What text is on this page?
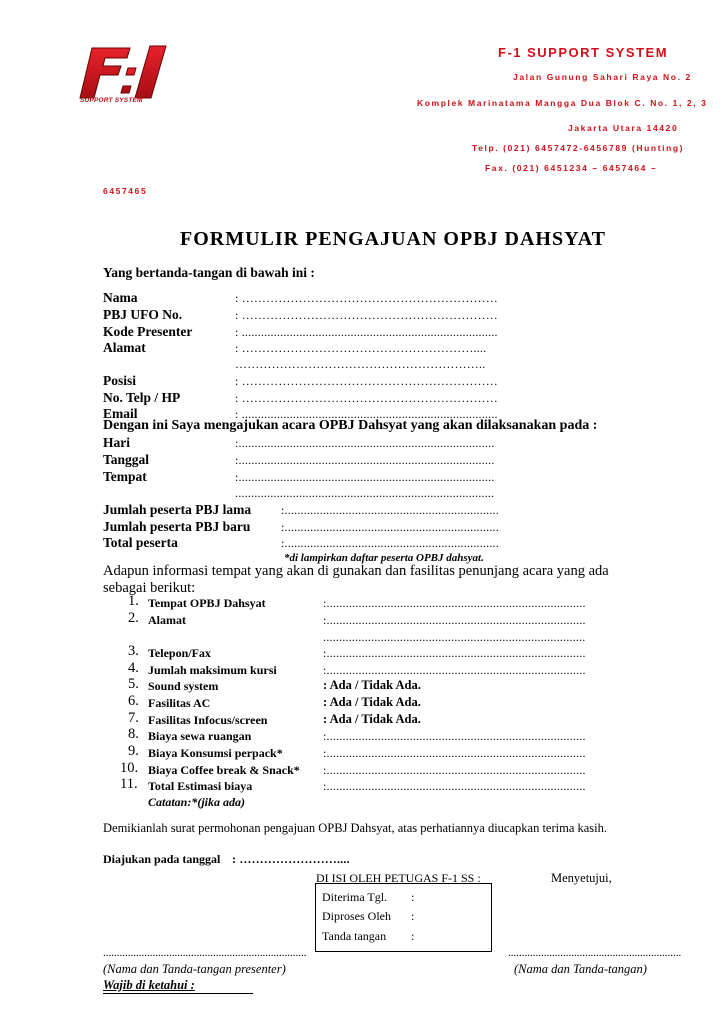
SUPPORT SYSTEM
F-1 SUPPORT SYSTEM
Jalan Gunung Sahari Raya No. 2
Komplek Marinatama Mangga Dua Blok C. No. 1, 2, 3
Jakarta Utara 14420
Telp. (021) 6457472-6456789 (Hunting)
Fax. (021) 6451234 – 6457464 –
6457465
FORMULIR PENGAJUAN OPBJ DAHSYAT
Yang bertanda-tangan di bawah ini :
Nama	: ………………………………………………………
PBJ UFO No.	: ………………………………………………………
Kode Presenter	: ................................................................................
Alamat	: …………………………………………………....
……………………………………………………..
Posisi	: ………………………………………………………
No. Telp / HP	: ………………………………………………………
Email	: ................................................................................
Dengan ini Saya mengajukan acara OPBJ Dahsyat yang akan dilaksanakan pada :
Hari	:................................................................................
Tanggal	:................................................................................
Tempat	:................................................................................
.................................................................................
Jumlah peserta PBJ lama :...................................................................
Jumlah peserta PBJ baru	:...................................................................
Total peserta	:...................................................................
*di lampirkan daftar peserta OPBJ dahsyat.
Adapun informasi tempat yang akan di gunakan dan fasilitas penunjang acara yang ada
sebagai berikut:
1. Tempat OPBJ Dahsyat	:.................................................................................
2. Alamat	:.................................................................................
..................................................................................
3. Telepon/Fax	:.................................................................................
4. Jumlah maksimum kursi	:.................................................................................
5. Sound system	: Ada / Tidak Ada.
6. Fasilitas AC	: Ada / Tidak Ada.
7. Fasilitas Infocus/screen	: Ada / Tidak Ada.
8. Biaya sewa ruangan	:.................................................................................
9. Biaya Konsumsi perpack*	:.................................................................................
10. Biaya Coffee break & Snack* :.................................................................................
11. Total Estimasi biaya	:.................................................................................
Catatan:*(jika ada)
Demikianlah surat permohonan pengajuan OPBJ Dahsyat, atas perhatiannya diucapkan terima kasih.
Diajukan pada tanggal : ……………………....
DI ISI OLEH PETUGAS F-1 SS :	Menyetujui,
Diterima Tgl. :
Diproses Oleh :
Tanda tangan :
..........................................................................	...............................................................
(Nama dan Tanda-tangan presenter)	(Nama dan Tanda-tangan)
Wajib di ketahui :
